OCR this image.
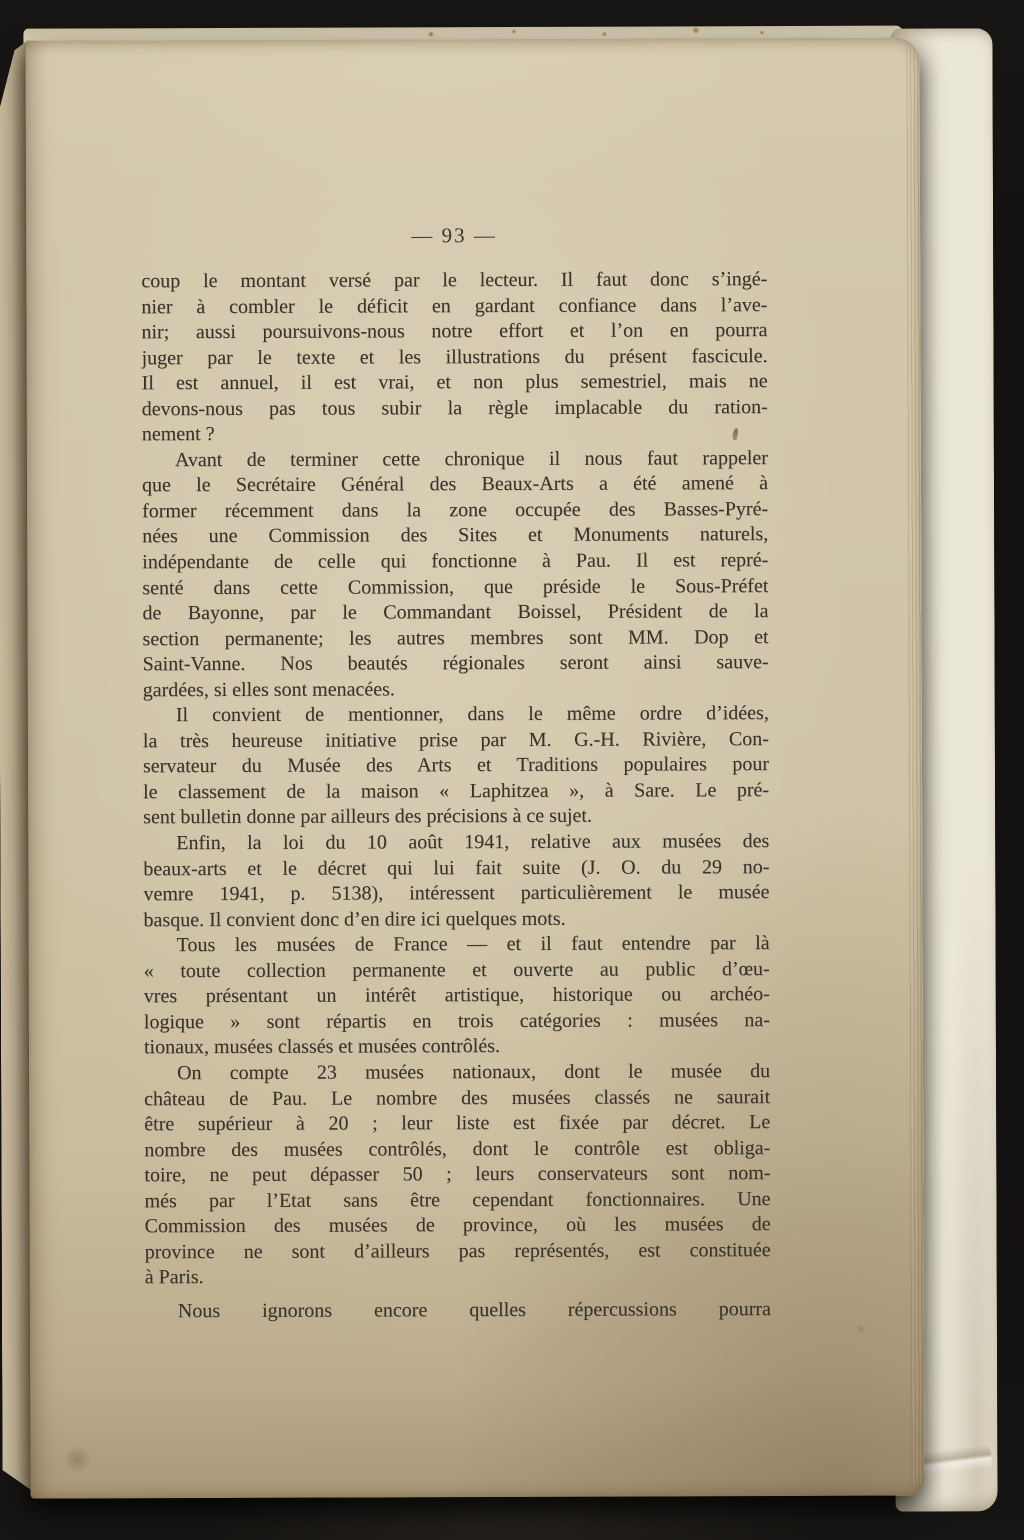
— 93 —
coup le montant versé par le lecteur. Il faut donc s’ingé-
nier à combler le déficit en gardant confiance dans l’ave-
nir; aussi poursuivons-nous notre effort et l’on en pourra
juger par le texte et les illustrations du présent fascicule.
Il est annuel, il est vrai, et non plus semestriel, mais ne
devons-nous pas tous subir la règle implacable du ration-
nement ?
Avant de terminer cette chronique il nous faut rappeler
que le Secrétaire Général des Beaux-Arts a été amené à
former récemment dans la zone occupée des Basses-Pyré-
nées une Commission des Sites et Monuments naturels,
indépendante de celle qui fonctionne à Pau. Il est repré-
senté dans cette Commission, que préside le Sous-Préfet
de Bayonne, par le Commandant Boissel, Président de la
section permanente; les autres membres sont MM. Dop et
Saint-Vanne. Nos beautés régionales seront ainsi sauve-
gardées, si elles sont menacées.
Il convient de mentionner, dans le même ordre d’idées,
la très heureuse initiative prise par M. G.-H. Rivière, Con-
servateur du Musée des Arts et Traditions populaires pour
le classement de la maison « Laphitzea », à Sare. Le pré-
sent bulletin donne par ailleurs des précisions à ce sujet.
Enfin, la loi du 10 août 1941, relative aux musées des
beaux-arts et le décret qui lui fait suite (J. O. du 29 no-
vemre 1941, p. 5138), intéressent particulièrement le musée
basque. Il convient donc d’en dire ici quelques mots.
Tous les musées de France — et il faut entendre par là
« toute collection permanente et ouverte au public d’œu-
vres présentant un intérêt artistique, historique ou archéo-
logique » sont répartis en trois catégories : musées na-
tionaux, musées classés et musées contrôlés.
On compte 23 musées nationaux, dont le musée du
château de Pau. Le nombre des musées classés ne saurait
être supérieur à 20 ; leur liste est fixée par décret. Le
nombre des musées contrôlés, dont le contrôle est obliga-
toire, ne peut dépasser 50 ; leurs conservateurs sont nom-
més par l’Etat sans être cependant fonctionnaires. Une
Commission des musées de province, où les musées de
province ne sont d’ailleurs pas représentés, est constituée
à Paris.
Nous ignorons encore quelles répercussions pourra
